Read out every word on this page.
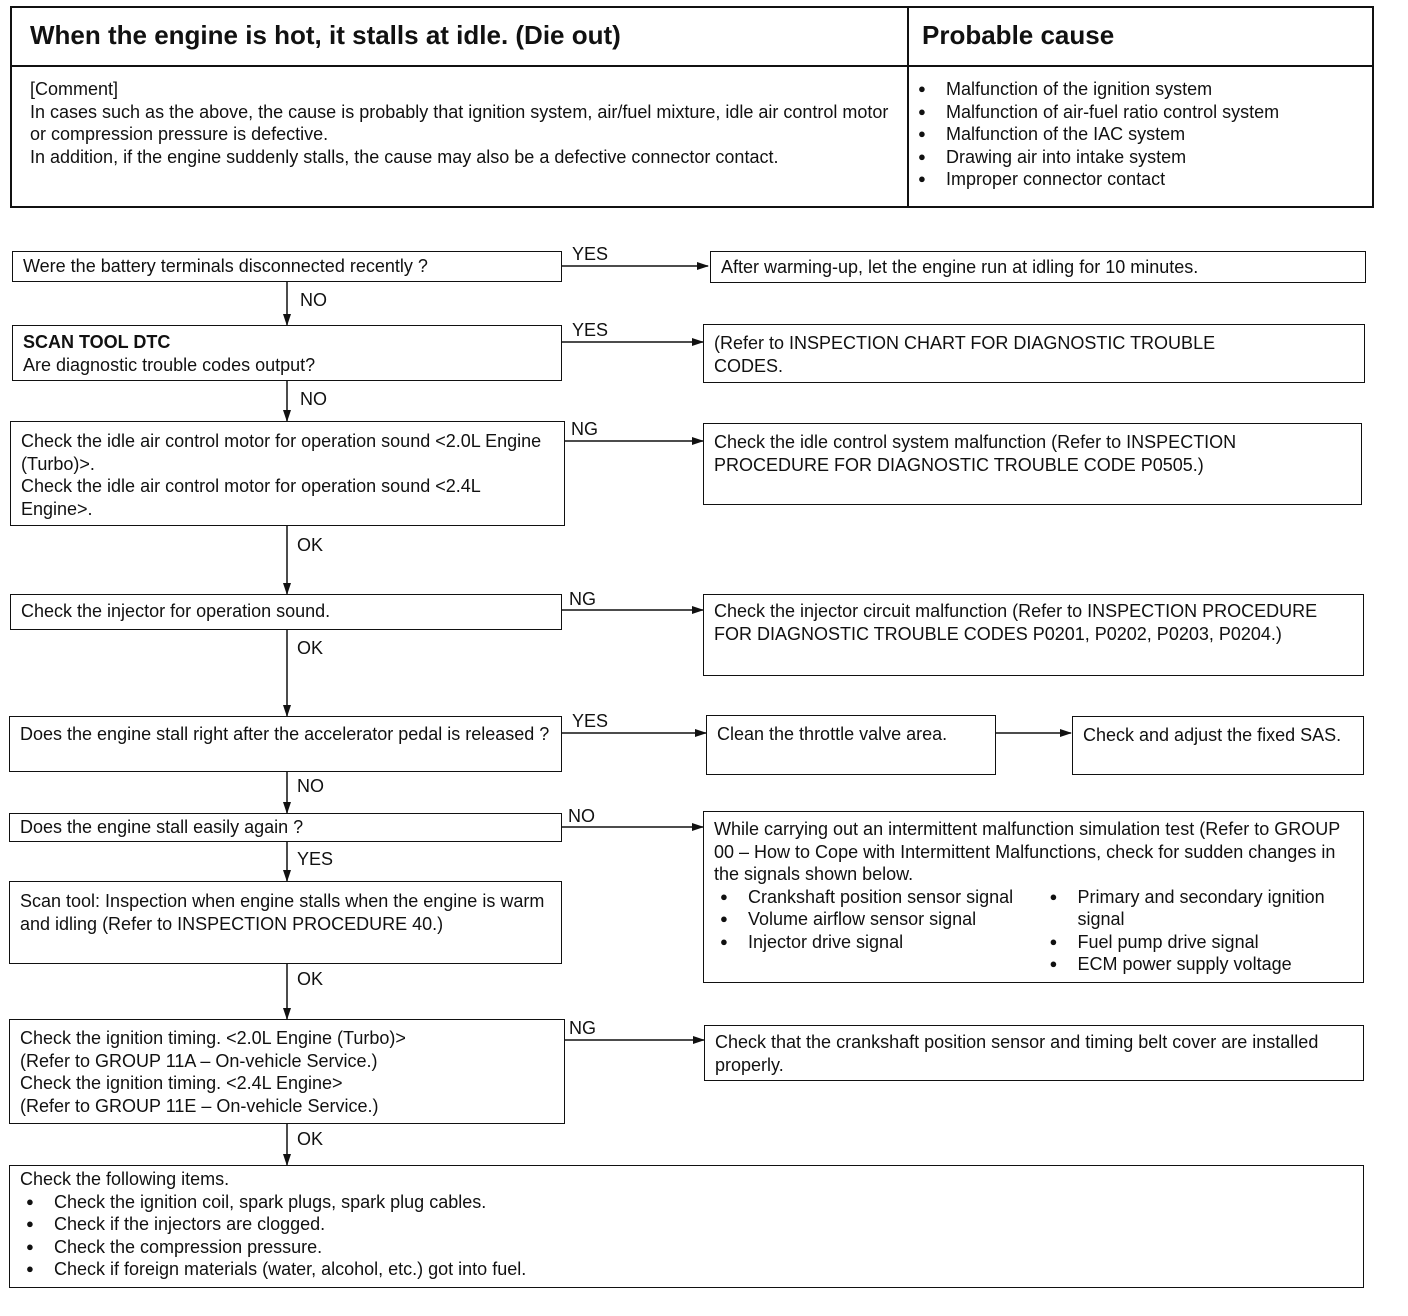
When the engine is hot, it stalls at idle. (Die out)	Probable cause
[Comment]
In cases such as the above, the cause is probably that ignition system, air/fuel mixture, idle air control motor or compression pressure is defective.
In addition, if the engine suddenly stalls, the cause may also be a defective connector contact.
● Malfunction of the ignition system
● Malfunction of air-fuel ratio control system
● Malfunction of the IAC system
● Drawing air into intake system
● Improper connector contact
YES
NO
YES
NO
NG
OK
NG
OK
YES
NO
NO
YES
OK
NG
OK
Were the battery terminals disconnected recently ?
SCAN TOOL DTC
Are diagnostic trouble codes output?
Check the idle air control motor for operation sound <2.0L Engine (Turbo)>.
Check the idle air control motor for operation sound <2.4L Engine>.
Check the injector for operation sound.
Does the engine stall right after the accelerator pedal is released ?
Does the engine stall easily again ?
Scan tool: Inspection when engine stalls when the engine is warm and idling (Refer to INSPECTION PROCEDURE 40.)
Check the ignition timing. <2.0L Engine (Turbo)>
(Refer to GROUP 11A – On-vehicle Service.)
Check the ignition timing. <2.4L Engine>
(Refer to GROUP 11E – On-vehicle Service.)
Check the following items.
● Check the ignition coil, spark plugs, spark plug cables.
● Check if the injectors are clogged.
● Check the compression pressure.
● Check if foreign materials (water, alcohol, etc.) got into fuel.
After warming-up, let the engine run at idling for 10 minutes.
(Refer to INSPECTION CHART FOR DIAGNOSTIC TROUBLE CODES.
Check the idle control system malfunction (Refer to INSPECTION PROCEDURE FOR DIAGNOSTIC TROUBLE CODE P0505.)
Check the injector circuit malfunction (Refer to INSPECTION PROCEDURE FOR DIAGNOSTIC TROUBLE CODES P0201, P0202, P0203, P0204.)
Clean the throttle valve area.	Check and adjust the fixed SAS.
While carrying out an intermittent malfunction simulation test (Refer to GROUP 00 – How to Cope with Intermittent Malfunctions, check for sudden changes in the signals shown below.
● Crankshaft position sensor signal
● Volume airflow sensor signal
● Injector drive signal
● Primary and secondary ignition signal
● Fuel pump drive signal
● ECM power supply voltage
Check that the crankshaft position sensor and timing belt cover are installed properly.
